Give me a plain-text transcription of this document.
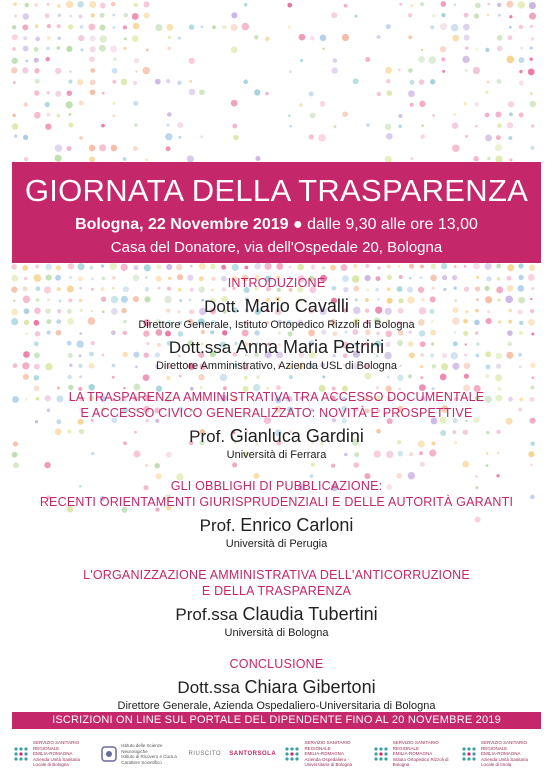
GIORNATA DELLA TRASPARENZA
Bologna, 22 Novembre 2019 ● dalle 9,30 alle ore 13,00
Casa del Donatore, via dell'Ospedale 20, Bologna
INTRODUZIONE
Dott. Mario Cavalli
Direttore Generale, Istituto Ortopedico Rizzoli di Bologna
Dott.ssa Anna Maria Petrini
Direttore Amministrativo, Azienda USL di Bologna
LA TRASPARENZA AMMINISTRATIVA TRA ACCESSO DOCUMENTALE
E ACCESSO CIVICO GENERALIZZATO: NOVITÀ E PROSPETTIVE
Prof. Gianluca Gardini
Università di Ferrara
GLI OBBLIGHI DI PUBBLICAZIONE:
RECENTI ORIENTAMENTI GIURISPRUDENZIALI E DELLE AUTORITÀ GARANTI
Prof. Enrico Carloni
Università di Perugia
L'ORGANIZZAZIONE AMMINISTRATIVA DELL'ANTICORRUZIONE
E DELLA TRASPARENZA
Prof.ssa Claudia Tubertini
Università di Bologna
CONCLUSIONE
Dott.ssa Chiara Gibertoni
Direttore Generale, Azienda Ospedaliero-Universitaria di Bologna
ISCRIZIONI ON LINE SUL PORTALE DEL DIPENDENTE FINO AL 20 NOVEMBRE 2019
SERVIZIO SANITARIO REGIONALE
EMILIA-ROMAGNA
Azienda Unità Sanitaria Locale di Bologna
Istituto delle Scienze Neurologiche
Istituto di Ricovero e Cura a Carattere Scientifico
RIUSCITO
SANTORSOLA
SERVIZIO SANITARIO REGIONALE
EMILIA-ROMAGNA
Azienda Ospedaliero - Universitaria di Bologna
SERVIZIO SANITARIO REGIONALE
EMILIA-ROMAGNA
Istituto Ortopedico Rizzoli di Bologna
SERVIZIO SANITARIO REGIONALE
EMILIA-ROMAGNA
Azienda Unità Sanitaria Locale di Imola
